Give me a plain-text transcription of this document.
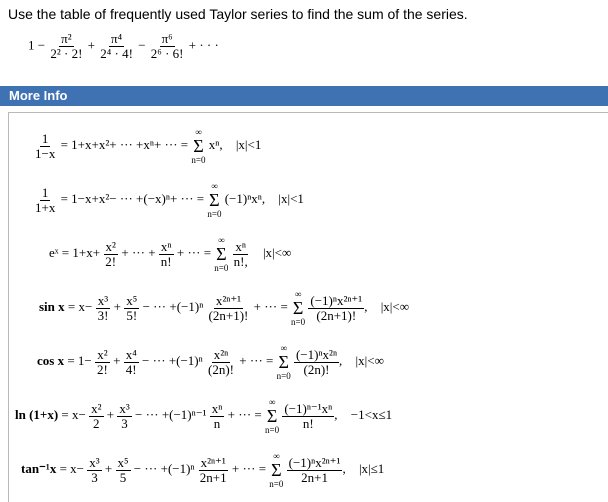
Use the table of frequently used Taylor series to find the sum of the series.
$1 - \frac{\text{π²}}{\text{2² · 2!}} + \frac{\text{π⁴}}{\text{2⁴ · 4!}} - \frac{\text{π⁶}}{\text{2⁶ · 6!}}$ + · · ·
More Info
$\frac{1}{1-x} = 1+x+x^2+$ ··· +xⁿ+ ··· =
∞
Σ
n=0
xⁿ, |x|<1
$\frac{1}{1+x} = 1-x+x^2-$ ··· +(−x)ⁿ+ ··· =
∞
Σ
n=0
(−1)ⁿxⁿ, |x|<1
eˣ = $1+x+ \frac{\text{x²}}{2!}$ + ··· + $\frac{\text{xⁿ}}{n!}$ + ··· =
∞
Σ
n=0
$\frac{\text{xⁿ}}{n!,} |x|<\infty$
$\sin x = x- \frac{\text{x³}}{3!} + \frac{\text{x⁵}}{5!}$ − ··· $+(-1)^n \frac{\text{x²ⁿ⁺¹}}{(2n+1)!}$ + ··· =
∞
Σ
n=0
$\frac{\text{(−1)ⁿx²ⁿ⁺¹}}{(2n+1)!}$ , |x|<∞
$\cos x = 1- \frac{\text{x²}}{2!} + \frac{\text{x⁴}}{4!}$ − ··· $+(-1)^n \frac{\text{x²ⁿ}}{(2n)!}$ + ··· =
∞
Σ
n=0
$\frac{\text{(−1)ⁿx²ⁿ}}{(2n)!}$ , |x|<∞
$\ln (1+x) = x- \frac{\text{x²}}{2} + \frac{\text{x³}}{3}$ − ··· $+(-1)^{n-1} \frac{\text{xⁿ}}{n}$ + ··· =
∞
Σ
n=0
$\frac{\text{(−1)ⁿ⁻¹xⁿ}}{n!}$ , −1<x≤1
$\tan^{-1}x = x- \frac{\text{x³}}{3} + \frac{\text{x⁵}}{5}$ − ··· $+(-1)^n \frac{\text{x²ⁿ⁺¹}}{2n+1}$ + ··· =
∞
Σ
n=0
$\frac{\text{(−1)ⁿx²ⁿ⁺¹}}{2n+1}$ , |x|≤1
